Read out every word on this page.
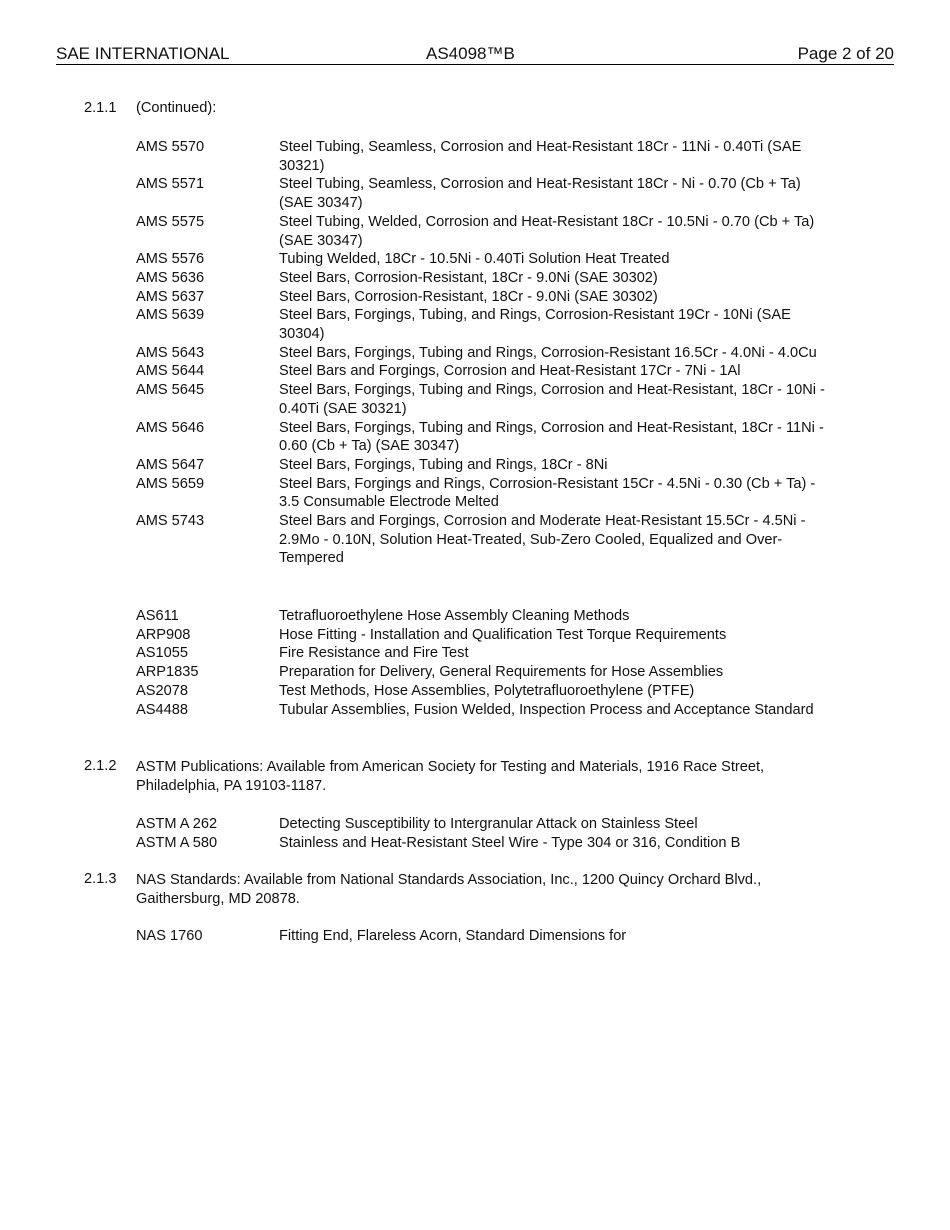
SAE INTERNATIONAL	AS4098™B	Page 2 of 20
2.1.1 (Continued):
AMS 5570	Steel Tubing, Seamless, Corrosion and Heat-Resistant 18Cr - 11Ni - 0.40Ti (SAE 30321)
AMS 5571	Steel Tubing, Seamless, Corrosion and Heat-Resistant 18Cr - Ni - 0.70 (Cb + Ta) (SAE 30347)
AMS 5575	Steel Tubing, Welded, Corrosion and Heat-Resistant 18Cr - 10.5Ni - 0.70 (Cb + Ta) (SAE 30347)
AMS 5576	Tubing Welded, 18Cr - 10.5Ni - 0.40Ti Solution Heat Treated
AMS 5636	Steel Bars, Corrosion-Resistant, 18Cr - 9.0Ni (SAE 30302)
AMS 5637	Steel Bars, Corrosion-Resistant, 18Cr - 9.0Ni (SAE 30302)
AMS 5639	Steel Bars, Forgings, Tubing, and Rings, Corrosion-Resistant 19Cr - 10Ni (SAE 30304)
AMS 5643	Steel Bars, Forgings, Tubing and Rings, Corrosion-Resistant 16.5Cr - 4.0Ni - 4.0Cu
AMS 5644	Steel Bars and Forgings, Corrosion and Heat-Resistant 17Cr - 7Ni - 1Al
AMS 5645	Steel Bars, Forgings, Tubing and Rings, Corrosion and Heat-Resistant, 18Cr - 10Ni - 0.40Ti (SAE 30321)
AMS 5646	Steel Bars, Forgings, Tubing and Rings, Corrosion and Heat-Resistant, 18Cr - 11Ni - 0.60 (Cb + Ta) (SAE 30347)
AMS 5647	Steel Bars, Forgings, Tubing and Rings, 18Cr - 8Ni
AMS 5659	Steel Bars, Forgings and Rings, Corrosion-Resistant 15Cr - 4.5Ni - 0.30 (Cb + Ta) - 3.5 Consumable Electrode Melted
AMS 5743	Steel Bars and Forgings, Corrosion and Moderate Heat-Resistant 15.5Cr - 4.5Ni - 2.9Mo - 0.10N, Solution Heat-Treated, Sub-Zero Cooled, Equalized and Over-Tempered
AS611	Tetrafluoroethylene Hose Assembly Cleaning Methods
ARP908	Hose Fitting - Installation and Qualification Test Torque Requirements
AS1055	Fire Resistance and Fire Test
ARP1835	Preparation for Delivery, General Requirements for Hose Assemblies
AS2078	Test Methods, Hose Assemblies, Polytetrafluoroethylene (PTFE)
AS4488	Tubular Assemblies, Fusion Welded, Inspection Process and Acceptance Standard
2.1.2 ASTM Publications: Available from American Society for Testing and Materials, 1916 Race Street, Philadelphia, PA 19103-1187.
ASTM A 262	Detecting Susceptibility to Intergranular Attack on Stainless Steel
ASTM A 580	Stainless and Heat-Resistant Steel Wire - Type 304 or 316, Condition B
2.1.3 NAS Standards: Available from National Standards Association, Inc., 1200 Quincy Orchard Blvd., Gaithersburg, MD 20878.
NAS 1760	Fitting End, Flareless Acorn, Standard Dimensions for
